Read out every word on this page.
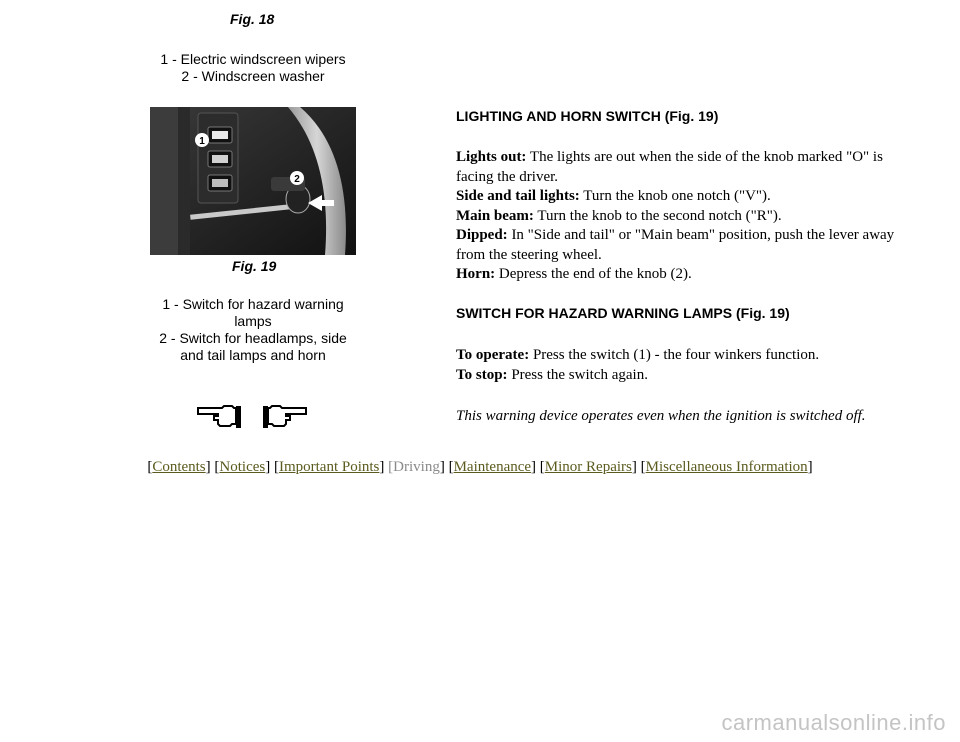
Fig. 18
1 - Electric windscreen wipers
2 - Windscreen washer
1
2
Fig. 19
1 - Switch for hazard warning
lamps
2 - Switch for headlamps, side
and tail lamps and horn
LIGHTING AND HORN SWITCH (Fig. 19)

Lights out: The lights are out when the side of the knob marked "O" is facing the driver.

Side and tail lights: Turn the knob one notch ("V").

Main beam: Turn the knob to the second notch ("R").

Dipped: In "Side and tail" or "Main beam" position, push the lever away from the steering wheel.

Horn: Depress the end of the knob (2).

SWITCH FOR HAZARD WARNING LAMPS (Fig. 19)

To operate: Press the switch (1) - the four winkers function.

To stop: Press the switch again.

This warning device operates even when the ignition is switched off.
[Contents] [Notices] [Important Points] [Driving] [Maintenance] [Minor Repairs] [Miscellaneous Information]
carmanualsonline.info
